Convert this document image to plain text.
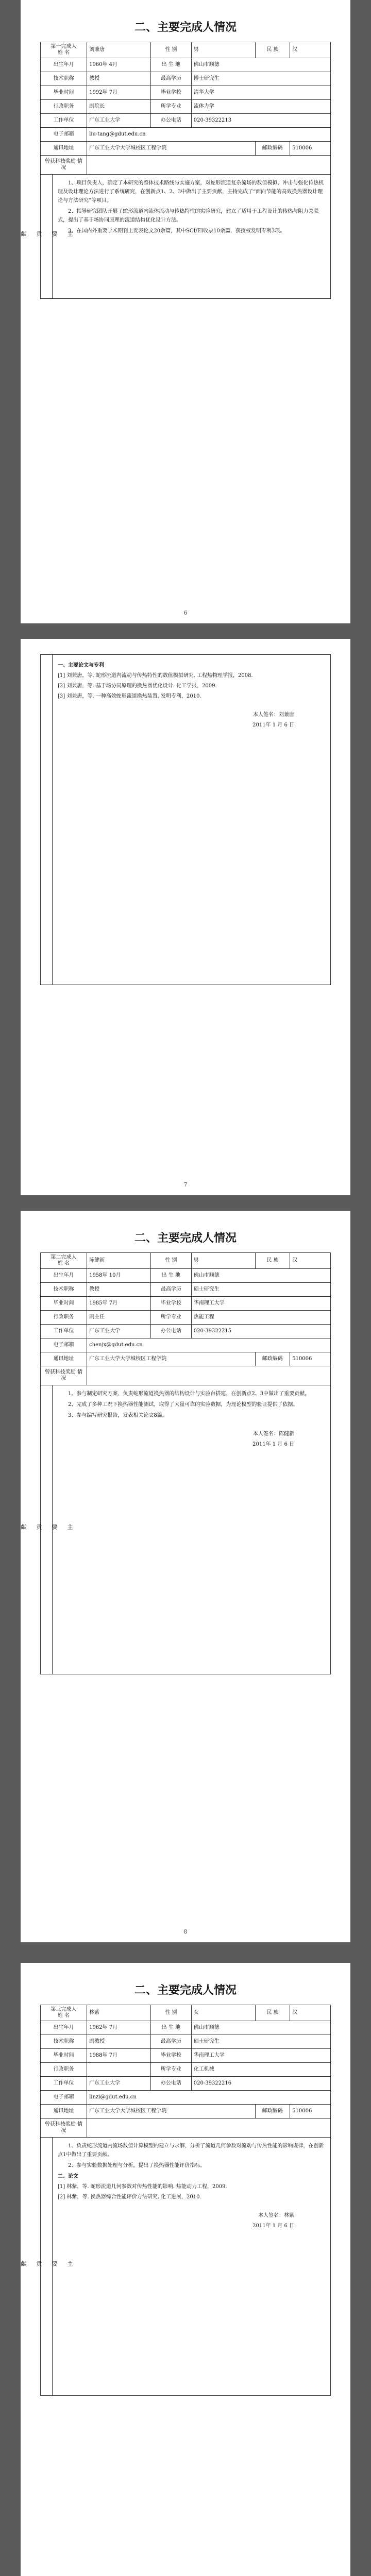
二、主要完成人情况
第一完成人
姓 名	刘兼唐	性 别	男	民 族	汉
出生年月	1960年 4月	出 生 地	佛山市顺德		
技术职称	教授	最高学历	博士研究生		
毕业时间	1992年 7月	毕业学校	清华大学		
行政职务	副院长	所学专业	流体力学		
工作单位	广东工业大学	办公电话	020-39322213		
电子邮箱	liu-tang@gdut.edu.cn				
通讯地址	广东工业大学大学城校区工程学院			邮政编码	510006
曾获科技奖励 情况					
主
要
贡
献

1、项目负责人，确定了本研究的整体技术路线与实施方案，对蛇形流道复杂流场的数值模拟、冲击与强化传热机理及设计理论方法进行了系统研究，在创新点1、2、3中做出了主要贡献，主持完成了“面向节能的高效换热器设计理论与方法研究”等项目。

2、指导研究团队开展了蛇形流道内流体流动与传热特性的实验研究，建立了适用于工程设计的传热与阻力关联式，提出了基于场协同原理的流道结构优化设计方法。

3、在国内外重要学术期刊上发表论文20余篇，其中SCI/EI收录10余篇，获授权发明专利3项。

6
一、主要论文与专利

[1] 刘兼唐，等. 蛇形流道内流动与传热特性的数值模拟研究. 工程热物理学报，2008.

[2] 刘兼唐，等. 基于场协同原理的换热器优化设计. 化工学报，2009.

[3] 刘兼唐，等. 一种高效蛇形流道换热装置. 发明专利，2010.

本人签名：刘兼唐
2011年 1 月 6 日
7
二、主要完成人情况
第二完成人
姓 名	陈健新	性 别	男	民 族	汉
出生年月	1958年 10月	出 生 地	佛山市顺德		
技术职称	教授	最高学历	硕士研究生		
毕业时间	1985年 7月	毕业学校	华南理工大学		
行政职务	副主任	所学专业	热能工程		
工作单位	广东工业大学	办公电话	020-39322215		
电子邮箱	chenjx@gdut.edu.cn				
通讯地址	广东工业大学大学城校区工程学院			邮政编码	510006
曾获科技奖励 情况					
主
要
贡
献

1、参与制定研究方案，负责蛇形流道换热器的结构设计与实验台搭建，在创新点2、3中做出了重要贡献。

2、完成了多种工况下换热器性能测试，取得了大量可靠的实验数据，为理论模型的验证提供了依据。

3、参与编写研究报告，发表相关论文8篇。

本人签名：陈健新
2011年 1 月 6 日
8
二、主要完成人情况
第三完成人
姓 名	林紫	性 别	女	民 族	汉
出生年月	1962年 7月	出 生 地	佛山市顺德		
技术职称	副教授	最高学历	硕士研究生		
毕业时间	1988年 7月	毕业学校	华南理工大学		
行政职务		所学专业	化工机械		
工作单位	广东工业大学	办公电话	020-39322216		
电子邮箱	linzi@gdut.edu.cn				
通讯地址	广东工业大学大学城校区工程学院			邮政编码	510006
曾获科技奖励 情况					
主
要
贡
献

1、负责蛇形流道内流场数值计算模型的建立与求解，分析了流道几何参数对流动与传热性能的影响规律，在创新点1中做出了重要贡献。

2、参与实验数据处理与分析，提出了换热器性能评价指标。

二、论文

[1] 林紫，等. 蛇形流道几何参数对传热性能的影响. 热能动力工程，2009.

[2] 林紫，等. 换热器综合性能评价方法研究. 化工进展，2010.

本人签名：林紫
2011年 1 月 6 日
